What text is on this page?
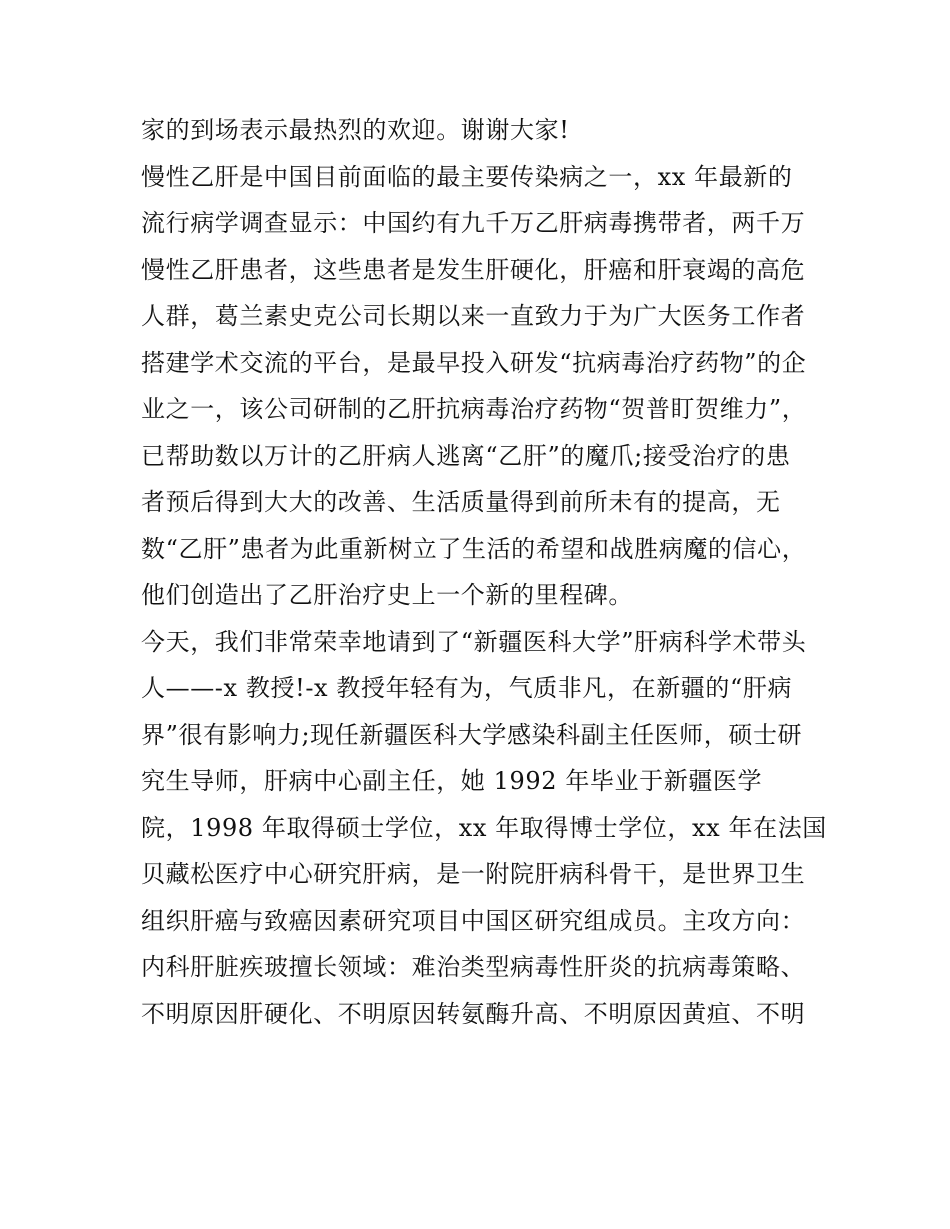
家的到场表示最热烈的欢迎。谢谢大家!
慢性乙肝是中国目前面临的最主要传染病之一，xx 年最新的
流行病学调查显示：中国约有九千万乙肝病毒携带者，两千万
慢性乙肝患者，这些患者是发生肝硬化，肝癌和肝衰竭的高危
人群，葛兰素史克公司长期以来一直致力于为广大医务工作者
搭建学术交流的平台，是最早投入研发“抗病毒治疗药物”的企
业之一，该公司研制的乙肝抗病毒治疗药物“贺普盯贺维力”，
已帮助数以万计的乙肝病人逃离“乙肝”的魔爪;接受治疗的患
者预后得到大大的改善、生活质量得到前所未有的提高，无
数“乙肝”患者为此重新树立了生活的希望和战胜病魔的信心，
他们创造出了乙肝治疗史上一个新的里程碑。
今天，我们非常荣幸地请到了“新疆医科大学”肝病科学术带头
人——-x 教授!-x 教授年轻有为，气质非凡，在新疆的“肝病
界”很有影响力;现任新疆医科大学感染科副主任医师，硕士研
究生导师，肝病中心副主任，她 1992 年毕业于新疆医学
院，1998 年取得硕士学位，xx 年取得博士学位，xx 年在法国
贝藏松医疗中心研究肝病，是一附院肝病科骨干，是世界卫生
组织肝癌与致癌因素研究项目中国区研究组成员。主攻方向：
内科肝脏疾玻擅长领域：难治类型病毒性肝炎的抗病毒策略、
不明原因肝硬化、不明原因转氨酶升高、不明原因黄疸、不明
